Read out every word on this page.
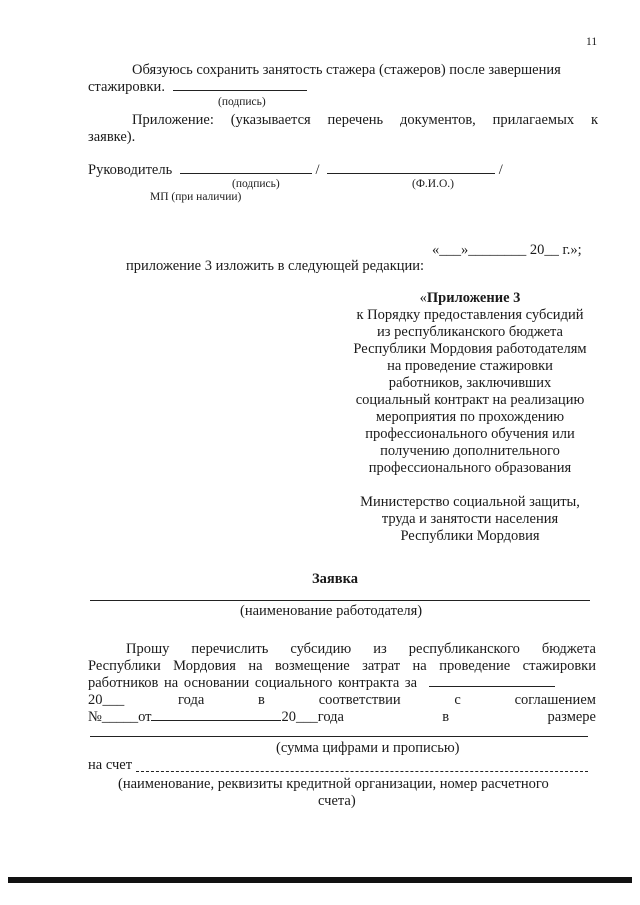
11
Обязуюсь сохранить занятость стажера (стажеров) после завершения
стажировки.
(подпись)
Приложение: (указывается перечень документов, прилагаемых к
заявке).
Руководитель	/	/
(подпись)	(Ф.И.О.)
МП (при наличии)
«___»________ 20__ г.»;
приложение 3 изложить в следующей редакции:
«Приложение 3
к Порядку предоставления субсидий
из республиканского бюджета
Республики Мордовия работодателям
на проведение стажировки
работников, заключивших
социальный контракт на реализацию
мероприятия по прохождению
профессионального обучения или
получению дополнительного
профессионального образования
Министерство социальной защиты,
труда и занятости населения
Республики Мордовия
Заявка
(наименование работодателя)
Прошу перечислить субсидию из республиканского бюджета
Республики Мордовия на возмещение затрат на проведение стажировки
работников на основании социального контракта за
20___	года	в	соответствии	с	соглашением
№_____от	20___года	в	размере
(сумма цифрами и прописью)
на счет
(наименование, реквизиты кредитной организации, номер расчетного
счета)
